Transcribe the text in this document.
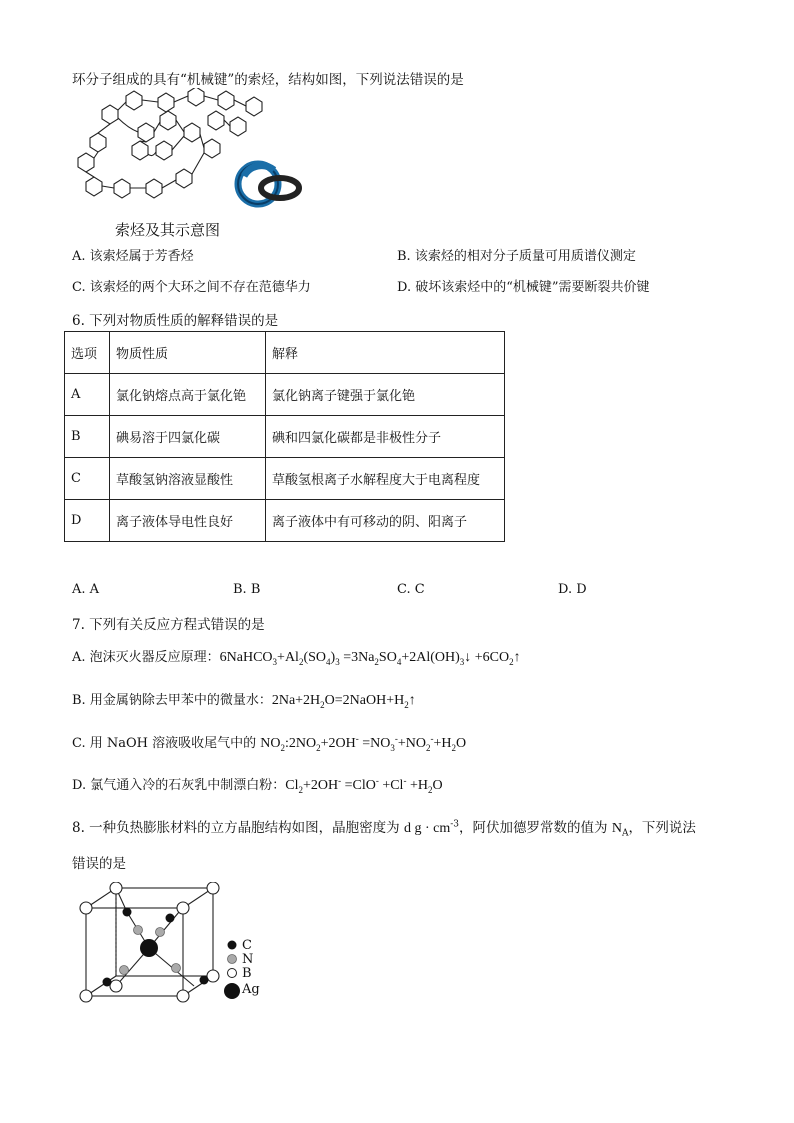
环分子组成的具有“机械键”的索烃，结构如图，下列说法错误的是
索烃及其示意图
A. 该索烃属于芳香烃	B. 该索烃的相对分子质量可用质谱仪测定
C. 该索烃的两个大环之间不存在范德华力	D. 破坏该索烃中的“机械键”需要断裂共价键
6. 下列对物质性质的解释错误的是
选项	物质性质	解释
A	氯化钠熔点高于氯化铯	氯化钠离子键强于氯化铯
B	碘易溶于四氯化碳	碘和四氯化碳都是非极性分子
C	草酸氢钠溶液显酸性	草酸氢根离子水解程度大于电离程度
D	离子液体导电性良好	离子液体中有可移动的阴、阳离子
A. A	B. B	C. C	D. D
7. 下列有关反应方程式错误的是
A. 泡沫灭火器反应原理：$6NaHCO_3+Al_2(SO_4)_3$ $=3Na_2SO_4+2Al(OH)_3↓$ $+6CO_2↑$
B. 用金属钠除去甲苯中的微量水：$2Na+2H_2O=2NaOH+H_2↑$
C. 用 NaOH 溶液吸收尾气中的 $NO_2:2NO_2+2OH^- =NO_3^-+NO_2^-+H_2O$
D. 氯气通入冷的石灰乳中制漂白粉：$Cl_2+2OH^- =ClO^- +Cl^- +H_2O$
8. 一种负热膨胀材料的立方晶胞结构如图，晶胞密度为 d $g \cdot cm^{-3}$，阿伏加德罗常数的值为 $N_A$，下列说法
错误的是
C
N
B
Ag
